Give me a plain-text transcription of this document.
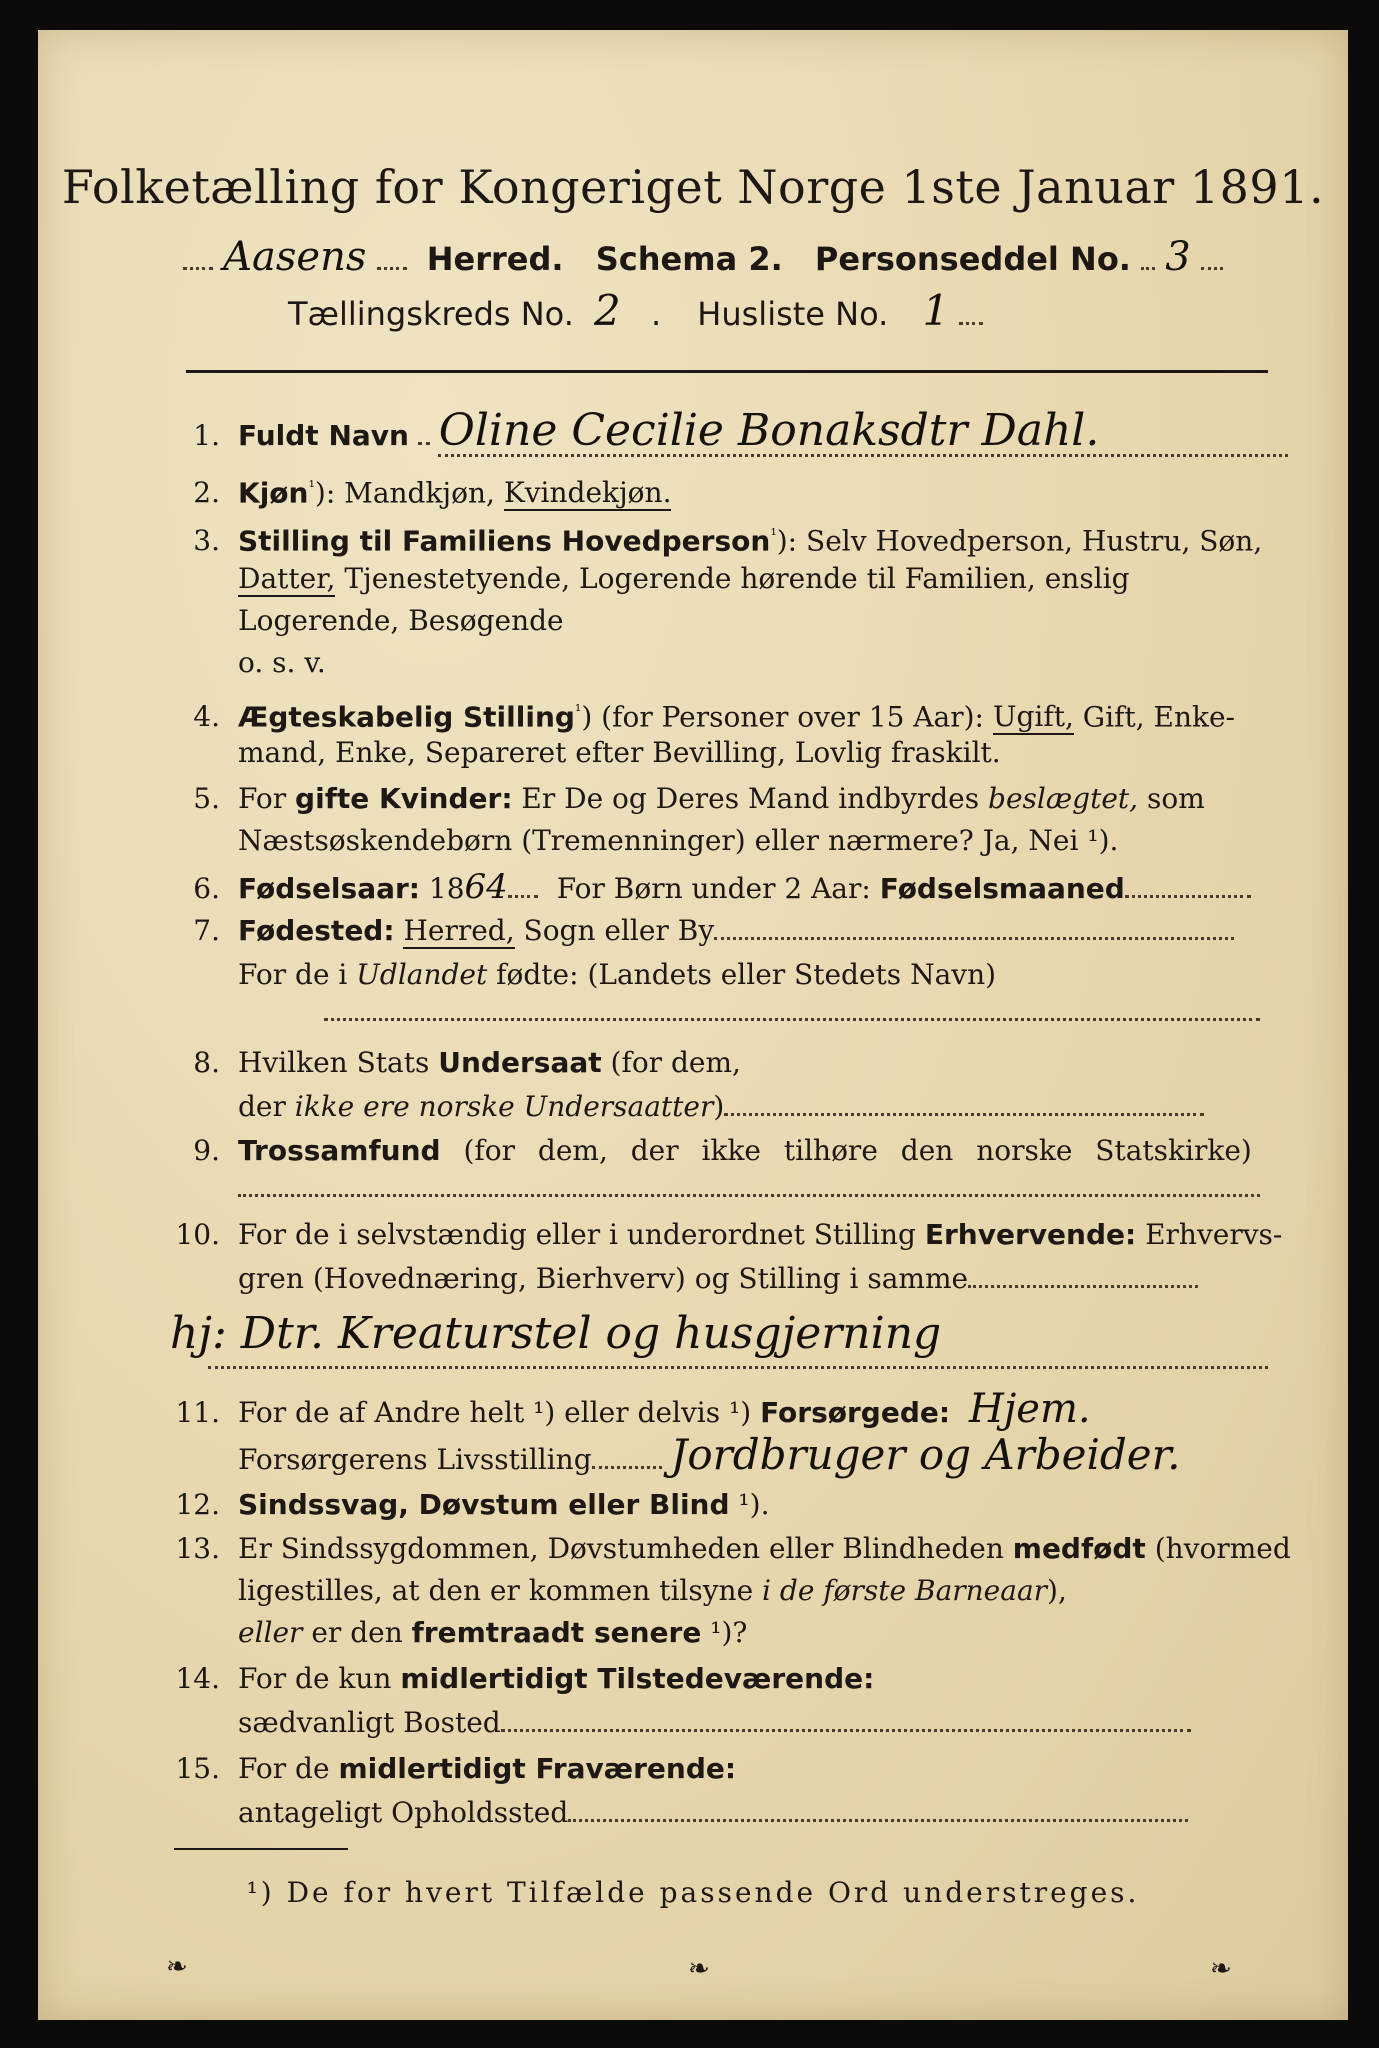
Folketælling for Kongeriget Norge 1ste Januar 1891.
Aasens Herred. Schema 2. Personseddel No. 3
Tællingskreds No. 2 . Husliste No. 1
1. Fuldt Navn Oline Cecilie Bonaksdtr Dahl.
2. Kjøn$^{^1}$): Mandkjøn, Kvindekjøn.
3. Stilling til Familiens Hovedperson$^{^1}$): Selv Hovedperson, Hustru, Søn,
Datter, Tjenestetyende, Logerende hørende til Familien, enslig
Logerende, Besøgende
o. s. v.
4. Ægteskabelig Stilling$^{^1}$) (for Personer over 15 Aar): Ugift, Gift, Enke-
mand, Enke, Separeret efter Bevilling, Lovlig fraskilt.
5. For gifte Kvinder: Er De og Deres Mand indbyrdes beslægtet, som
Næstsøskendebørn (Tremenninger) eller nærmere? Ja, Nei ¹).
6. Fødselsaar: 1864 For Børn under 2 Aar: Fødselsmaaned
7. Fødested: Herred, Sogn eller By
For de i Udlandet fødte: (Landets eller Stedets Navn)
8. Hvilken Stats Undersaat (for dem,
der ikke ere norske Undersaatter)
9. Trossamfund (for dem, der ikke tilhøre den norske Statskirke)
10. For de i selvstændig eller i underordnet Stilling Erhvervende: Erhvervs-
gren (Hovednæring, Bierhverv) og Stilling i samme
hj: Dtr. Kreaturstel og husgjerning
11. For de af Andre helt ¹) eller delvis ¹) Forsørgede: Hjem.
Forsørgerens Livsstilling Jordbruger og Arbeider.
12. Sindssvag, Døvstum eller Blind ¹).
13. Er Sindssygdommen, Døvstumheden eller Blindheden medfødt (hvormed
ligestilles, at den er kommen tilsyne i de første Barneaar),
eller er den fremtraadt senere ¹)?
14. For de kun midlertidigt Tilstedeværende:
sædvanligt Bosted
15. For de midlertidigt Fraværende:
antageligt Opholdssted
¹) De for hvert Tilfælde passende Ord understreges.
❧	❧	❧
